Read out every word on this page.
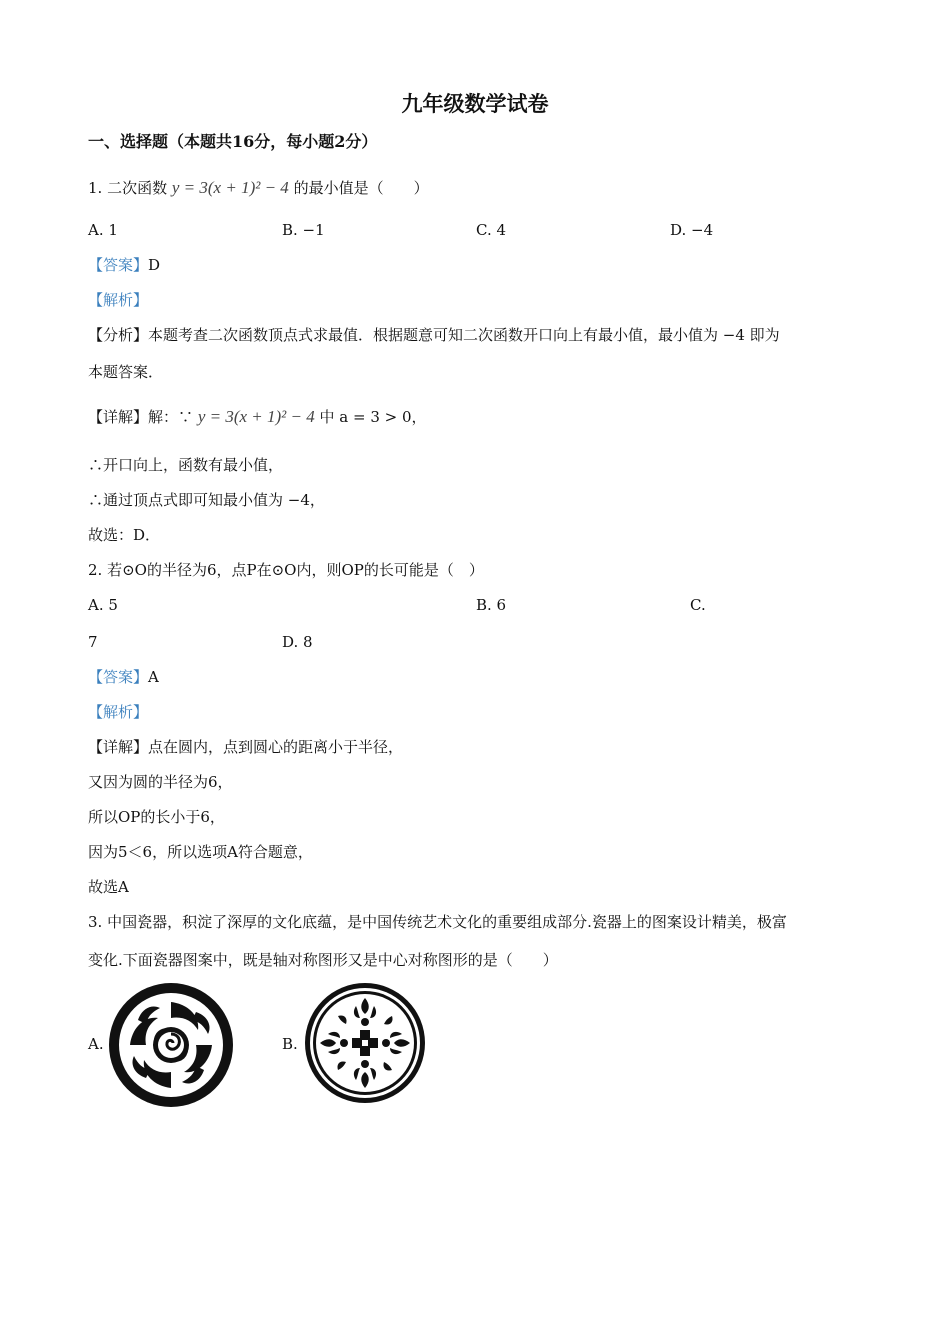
九年级数学试卷
一、选择题（本题共16分，每小题2分）
1. 二次函数 y = 3(x + 1)² − 4 的最小值是（　　）
A. 1	B. −1	C. 4	D. −4
【答案】D
【解析】
【分析】本题考查二次函数顶点式求最值．根据题意可知二次函数开口向上有最小值，最小值为 −4 即为
本题答案．
【详解】解：∵ y = 3(x + 1)² − 4 中 a = 3 > 0，
∴开口向上，函数有最小值，
∴通过顶点式即可知最小值为 −4，
故选：D．
2. 若⊙O的半径为6，点P在⊙O内，则OP的长可能是（　）
A. 5	B. 6	C.
7	D. 8
【答案】A
【解析】
【详解】点在圆内，点到圆心的距离小于半径，
又因为圆的半径为6，
所以OP的长小于6，
因为5＜6，所以选项A符合题意，
故选A
3. 中国瓷器，积淀了深厚的文化底蕴，是中国传统艺术文化的重要组成部分.瓷器上的图案设计精美，极富
变化.下面瓷器图案中，既是轴对称图形又是中心对称图形的是（　　）
A.	B.
